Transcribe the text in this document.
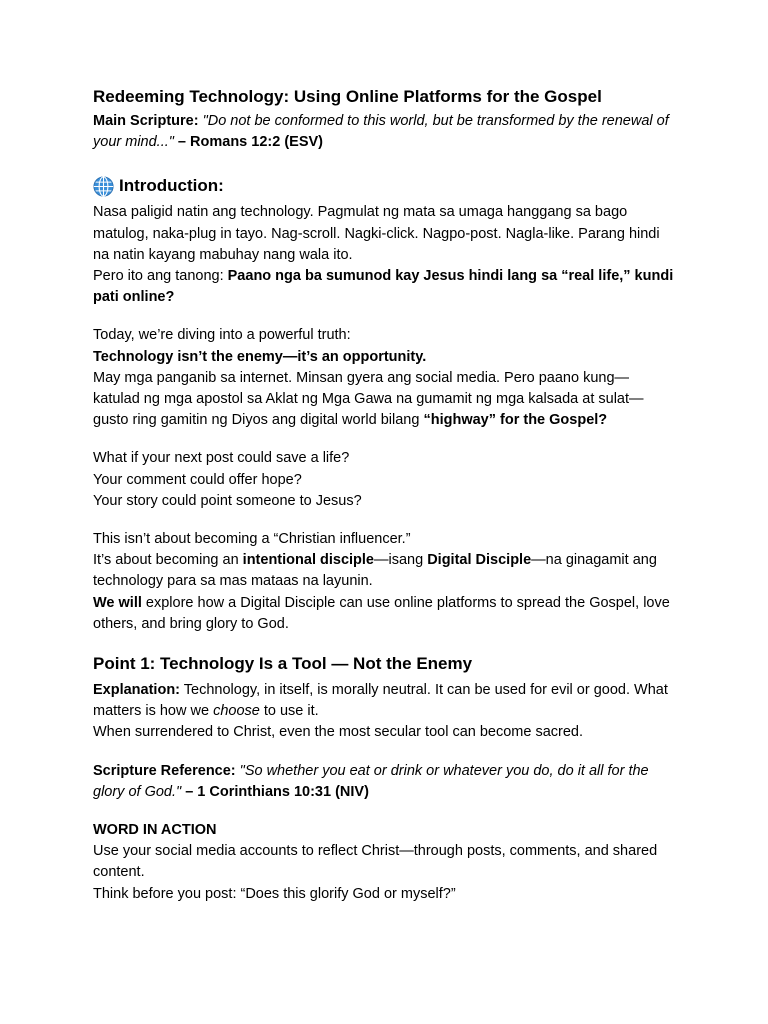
Redeeming Technology: Using Online Platforms for the Gospel

Main Scripture: "Do not be conformed to this world, but be transformed by the renewal of your mind..." – Romans 12:2 (ESV)

Introduction:

Nasa paligid natin ang technology. Pagmulat ng mata sa umaga hanggang sa bago matulog, naka-plug in tayo. Nag-scroll. Nagki-click. Nagpo-post. Nagla-like. Parang hindi na natin kayang mabuhay nang wala ito.

Pero ito ang tanong: Paano nga ba sumunod kay Jesus hindi lang sa “real life,” kundi pati online?

Today, we’re diving into a powerful truth:

Technology isn’t the enemy—it’s an opportunity.

May mga panganib sa internet. Minsan gyera ang social media. Pero paano kung—katulad ng mga apostol sa Aklat ng Mga Gawa na gumamit ng mga kalsada at sulat—gusto ring gamitin ng Diyos ang digital world bilang “highway” for the Gospel?

What if your next post could save a life?

Your comment could offer hope?

Your story could point someone to Jesus?

This isn’t about becoming a “Christian influencer.”

It’s about becoming an intentional disciple—isang Digital Disciple—na ginagamit ang technology para sa mas mataas na layunin.

We will explore how a Digital Disciple can use online platforms to spread the Gospel, love others, and bring glory to God.

Point 1: Technology Is a Tool — Not the Enemy

Explanation: Technology, in itself, is morally neutral. It can be used for evil or good. What matters is how we choose to use it.

When surrendered to Christ, even the most secular tool can become sacred.

Scripture Reference: "So whether you eat or drink or whatever you do, do it all for the glory of God." – 1 Corinthians 10:31 (NIV)

WORD IN ACTION

Use your social media accounts to reflect Christ—through posts, comments, and shared content.

Think before you post: “Does this glorify God or myself?”
